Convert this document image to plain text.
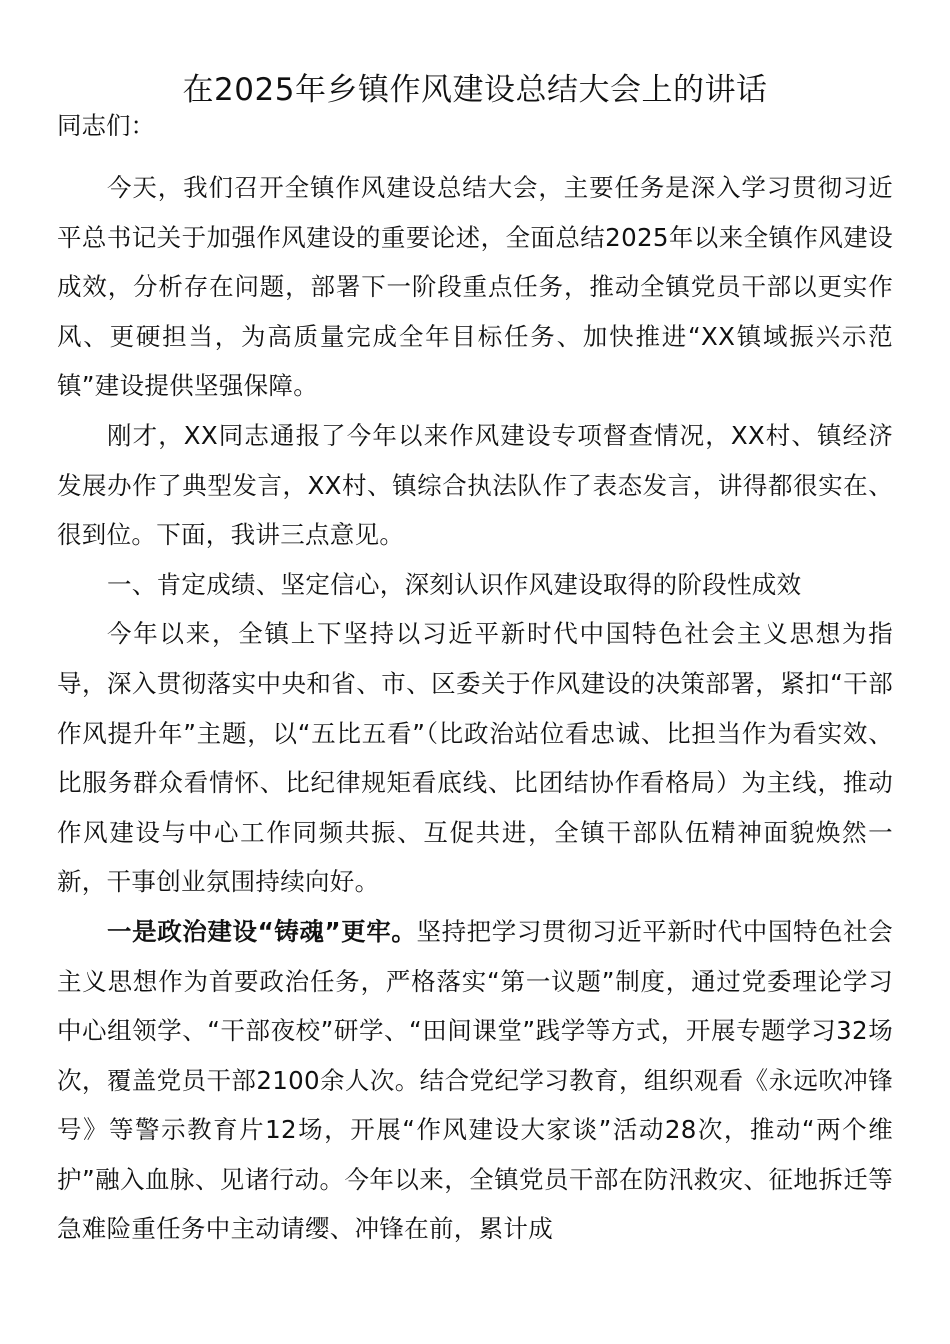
在2025年乡镇作风建设总结大会上的讲话

同志们：

今天，我们召开全镇作风建设总结大会，主要任务是深入学习贯彻习近平总书记关于加强作风建设的重要论述，全面总结2025年以来全镇作风建设成效，分析存在问题，部署下一阶段重点任务，推动全镇党员干部以更实作风、更硬担当，为高质量完成全年目标任务、加快推进“XX镇域振兴示范镇”建设提供坚强保障。

刚才，XX同志通报了今年以来作风建设专项督查情况，XX村、镇经济发展办作了典型发言，XX村、镇综合执法队作了表态发言，讲得都很实在、很到位。下面，我讲三点意见。

一、肯定成绩、坚定信心，深刻认识作风建设取得的阶段性成效

今年以来，全镇上下坚持以习近平新时代中国特色社会主义思想为指导，深入贯彻落实中央和省、市、区委关于作风建设的决策部署，紧扣“干部作风提升年”主题，以“五比五看”（比政治站位看忠诚、比担当作为看实效、比服务群众看情怀、比纪律规矩看底线、比团结协作看格局）为主线，推动作风建设与中心工作同频共振、互促共进，全镇干部队伍精神面貌焕然一新，干事创业氛围持续向好。

一是政治建设“铸魂”更牢。坚持把学习贯彻习近平新时代中国特色社会主义思想作为首要政治任务，严格落实“第一议题”制度，通过党委理论学习中心组领学、“干部夜校”研学、“田间课堂”践学等方式，开展专题学习32场次，覆盖党员干部2100余人次。结合党纪学习教育，组织观看《永远吹冲锋号》等警示教育片12场，开展“作风建设大家谈”活动28次，推动“两个维护”融入血脉、见诸行动。今年以来，全镇党员干部在防汛救灾、征地拆迁等急难险重任务中主动请缨、冲锋在前，累计成
